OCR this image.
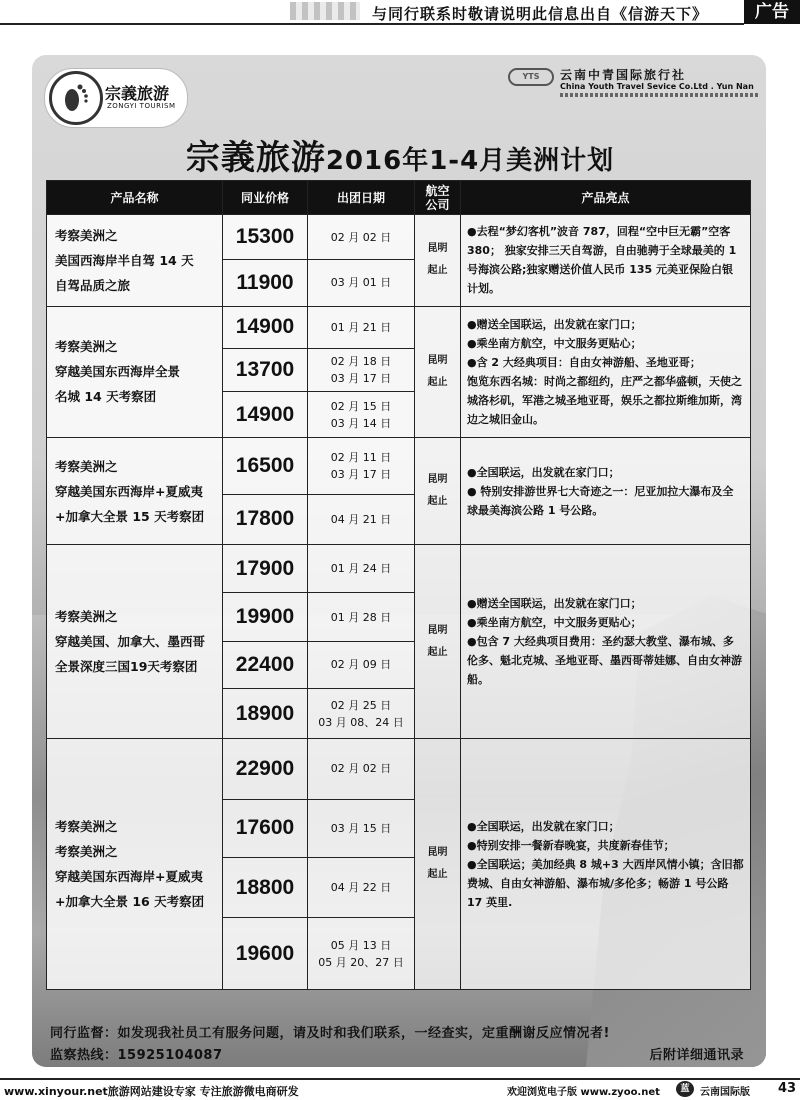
与同行联系时敬请说明此信息出自《信游天下》	广告
宗義旅游
ZONGYI TOURISM
YTS	云南中青国际旅行社
China Youth Travel Sevice Co.Ltd . Yun Nan
宗義旅游2016年1-4月美洲计划
产品名称	同业价格	出团日期	航空
公司	产品亮点
考察美洲之
美国西海岸半自驾 14 天
自驾品质之旅	15300	02 月 02 日	昆明
起止	●去程“梦幻客机”波音 787，回程“空中巨无霸”空客 380； 独家安排三天自驾游，自由驰骋于全球最美的 1 号海滨公路;独家赠送价值人民币 135 元美亚保险白银计划。
	11900	03 月 01 日		
考察美洲之
穿越美国东西海岸全景
名城 14 天考察团	14900	01 月 21 日	昆明
起止	●赠送全国联运，出发就在家门口；
●乘坐南方航空，中文服务更贴心；
●含 2 大经典项目：自由女神游船、圣地亚哥；
饱览东西名城：时尚之都纽约，庄严之都华盛顿，天使之城洛杉矶，军港之城圣地亚哥，娱乐之都拉斯维加斯，湾边之城旧金山。
	13700	02 月 18 日
03 月 17 日		
	14900	02 月 15 日
03 月 14 日		
考察美洲之
穿越美国东西海岸+夏威夷+加拿大全景 15 天考察团	16500	02 月 11 日
03 月 17 日	昆明
起止	●全国联运，出发就在家门口；
● 特别安排游世界七大奇迹之一：尼亚加拉大瀑布及全球最美海滨公路 1 号公路。
	17800	04 月 21 日		
考察美洲之
穿越美国、加拿大、墨西哥全景深度三国19天考察团	17900	01 月 24 日	昆明
起止	●赠送全国联运，出发就在家门口；
●乘坐南方航空，中文服务更贴心；
●包含 7 大经典项目费用：圣约瑟大教堂、瀑布城、多伦多、魁北克城、圣地亚哥、墨西哥蒂娃娜、自由女神游船。
	19900	01 月 28 日		
	22400	02 月 09 日		
	18900	02 月 25 日
03 月 08、24 日		
考察美洲之
考察美洲之
穿越美国东西海岸+夏威夷+加拿大全景 16 天考察团	22900	02 月 02 日	昆明
起止	●全国联运，出发就在家门口；
●特别安排一餐新春晚宴，共度新春佳节；
●全国联运；美加经典 8 城+3 大西岸风情小镇；含旧都费城、自由女神游船、瀑布城/多伦多；畅游 1 号公路 17 英里.
	17600	03 月 15 日		
	18800	04 月 22 日		
	19600	05 月 13 日
05 月 20、27 日		
同行监督：如发现我社员工有服务问题，请及时和我们联系，一经查实，定重酬谢反应情况者!
监察热线：15925104087	后附详细通讯录
www.xinyour.net旅游网站建设专家 专注旅游微电商研发	欢迎浏览电子版 www.zyoo.net	蓝	云南国际版 43
